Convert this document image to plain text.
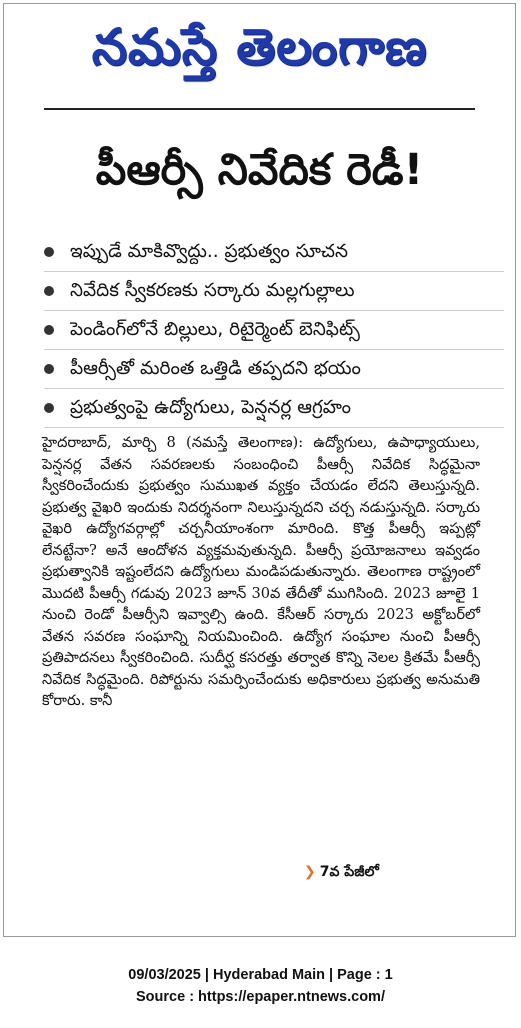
నమస్తే తెలంగాణ
పీఆర్సీ నివేదిక రెడీ!
ఇప్పుడే మాకివ్వొద్దు.. ప్రభుత్వం సూచన
నివేదిక స్వీకరణకు సర్కారు మల్లగుల్లాలు
పెండింగ్‌లోనే బిల్లులు, రిటైర్మెంట్ బెనిఫిట్స్
పీఆర్సీతో మరింత ఒత్తిడి తప్పదని భయం
ప్రభుత్వంపై ఉద్యోగులు, పెన్షనర్ల ఆగ్రహం

హైదరాబాద్, మార్చి 8 (నమస్తే తెలంగాణ): ఉద్యోగులు, ఉపాధ్యాయులు, పెన్షనర్ల వేతన సవరణలకు సంబంధించి పీఆర్సీ నివేదిక సిద్ధమైనా స్వీకరించేందుకు ప్రభుత్వం సుముఖత వ్యక్తం చేయడం లేదని తెలుస్తున్నది. ప్రభుత్వ వైఖరి ఇందుకు నిదర్శనంగా నిలుస్తున్నదని చర్చ నడుస్తున్నది. సర్కారు వైఖరి ఉద్యోగవర్గాల్లో చర్చనీయాంశంగా మారింది. కొత్త పీఆర్సీ ఇప్పట్లో లేనట్టేనా? అనే ఆందోళన వ్యక్తమవుతున్నది. పీఆర్సీ ప్రయోజనాలు ఇవ్వడం ప్రభుత్వానికి ఇష్టంలేదని ఉద్యోగులు మండిపడుతున్నారు. తెలంగాణ రాష్ట్రంలో మొదటి పీఆర్సీ గడువు 2023 జూన్ 30వ తేదీతో ముగిసింది. 2023 జూలై 1 నుంచి రెండో పీఆర్సీని ఇవ్వాల్సి ఉంది. కేసీఆర్ సర్కారు 2023 అక్టోబర్‌లో వేతన సవరణ సంఘాన్ని నియమించింది. ఉద్యోగ సంఘాల నుంచి పీఆర్సీ ప్రతిపాదనలు స్వీకరించింది. సుదీర్ఘ కసరత్తు తర్వాత కొన్ని నెలల క్రితమే పీఆర్సీ నివేదిక సిద్ధమైంది. రిపోర్టును సమర్పించేందుకు అధికారులు ప్రభుత్వ అనుమతి కోరారు. కానీ

❯ 7వ పేజీలో
09/03/2025 | Hyderabad Main | Page : 1
Source : https://epaper.ntnews.com/
